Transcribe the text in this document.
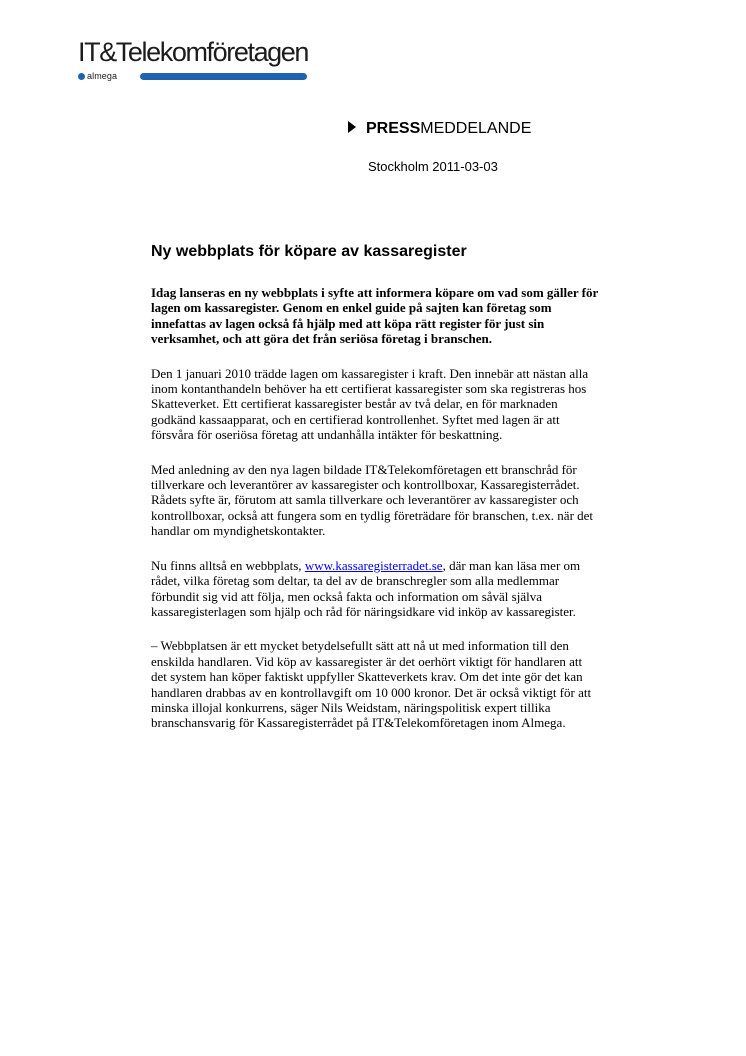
IT&Telekomföretagen
almega
PRESSMEDDELANDE
Stockholm 2011-03-03
Ny webbplats för köpare av kassaregister

Idag lanseras en ny webbplats i syfte att informera köpare om vad som gäller för lagen om kassaregister. Genom en enkel guide på sajten kan företag som innefattas av lagen också få hjälp med att köpa rätt register för just sin verksamhet, och att göra det från seriösa företag i branschen.

Den 1 januari 2010 trädde lagen om kassaregister i kraft. Den innebär att nästan alla inom kontanthandeln behöver ha ett certifierat kassaregister som ska registreras hos Skatteverket. Ett certifierat kassaregister består av två delar, en för marknaden godkänd kassaapparat, och en certifierad kontrollenhet. Syftet med lagen är att försvåra för oseriösa företag att undanhålla intäkter för beskattning.

Med anledning av den nya lagen bildade IT&Telekomföretagen ett branschråd för tillverkare och leverantörer av kassaregister och kontrollboxar, Kassaregisterrådet. Rådets syfte är, förutom att samla tillverkare och leverantörer av kassaregister och kontrollboxar, också att fungera som en tydlig företrädare för branschen, t.ex. när det handlar om myndighetskontakter.

Nu finns alltså en webbplats, www.kassaregisterradet.se, där man kan läsa mer om rådet, vilka företag som deltar, ta del av de branschregler som alla medlemmar förbundit sig vid att följa, men också fakta och information om såväl själva kassaregisterlagen som hjälp och råd för näringsidkare vid inköp av kassaregister.

– Webbplatsen är ett mycket betydelsefullt sätt att nå ut med information till den enskilda handlaren. Vid köp av kassaregister är det oerhört viktigt för handlaren att det system han köper faktiskt uppfyller Skatteverkets krav. Om det inte gör det kan handlaren drabbas av en kontrollavgift om 10 000 kronor. Det är också viktigt för att minska illojal konkurrens, säger Nils Weidstam, näringspolitisk expert tillika branschansvarig för Kassaregisterrådet på IT&Telekomföretagen inom Almega.
